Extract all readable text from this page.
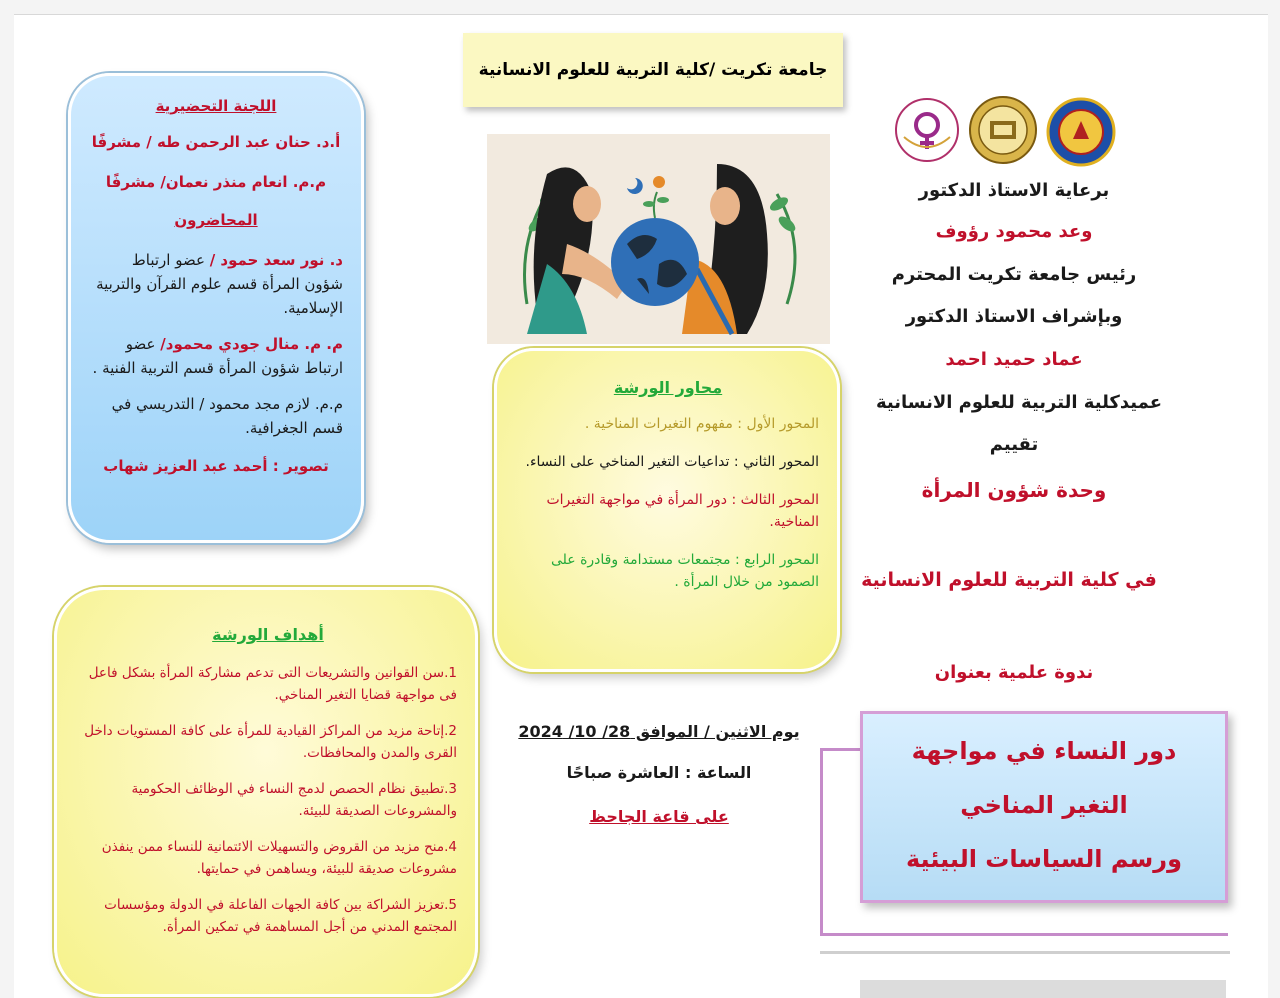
جامعة تكريت /كلية التربية للعلوم الانسانية
برعاية الاستاذ الدكتور
وعد محمود رؤوف
رئيس جامعة تكريت المحترم
وبإشراف الاستاذ الدكتور
عماد حميد احمد
عميدكلية التربية للعلوم الانسانية
تقييم
وحدة شؤون المرأة
في كلية التربية للعلوم الانسانية
ندوة علمية بعنوان
دور النساء في مواجهة
التغير المناخي
ورسم السياسات البيئية
اللجنة التحضيرية
أ.د. حنان عبد الرحمن طه / مشرفًا
م.م. انعام منذر نعمان/ مشرفًا
المحاضرون
د. نور سعد حمود / عضو ارتباط شؤون المرأة قسم علوم القرآن والتربية الإسلامية.
م. م. منال جودي محمود/ عضو ارتباط شؤون المرأة قسم التربية الفنية .
م.م. لازم مجد محمود / التدريسي في قسم الجغرافية.
تصوير : أحمد عبد العزيز شهاب
محاور الورشة
المحور الأول : مفهوم التغيرات المناخية .
المحور الثاني : تداعيات التغير المناخي على النساء.
المحور الثالث : دور المرأة في مواجهة التغيرات المناخية.
المحور الرابع : مجتمعات مستدامة وقادرة على الصمود من خلال المرأة .
يوم الاثنين / الموافق 28/ 10/ 2024
الساعة : العاشرة صباحًا
على قاعة الجاحظ
أهداف الورشة
1.سن القوانين والتشريعات التى تدعم مشاركة المرأة بشكل فاعل فى مواجهة قضايا التغير المناخي.
2.إتاحة مزيد من المراكز القيادية للمرأة على كافة المستويات داخل القرى والمدن والمحافظات.
3.تطبيق نظام الحصص لدمج النساء في الوظائف الحكومية والمشروعات الصديقة للبيئة.
4.منح مزيد من القروض والتسهيلات الائتمانية للنساء ممن ينفذن مشروعات صديقة للبيئة، ويساهمن في حمايتها.
5.تعزيز الشراكة بين كافة الجهات الفاعلة في الدولة ومؤسسات المجتمع المدني من أجل المساهمة في تمكين المرأة.
